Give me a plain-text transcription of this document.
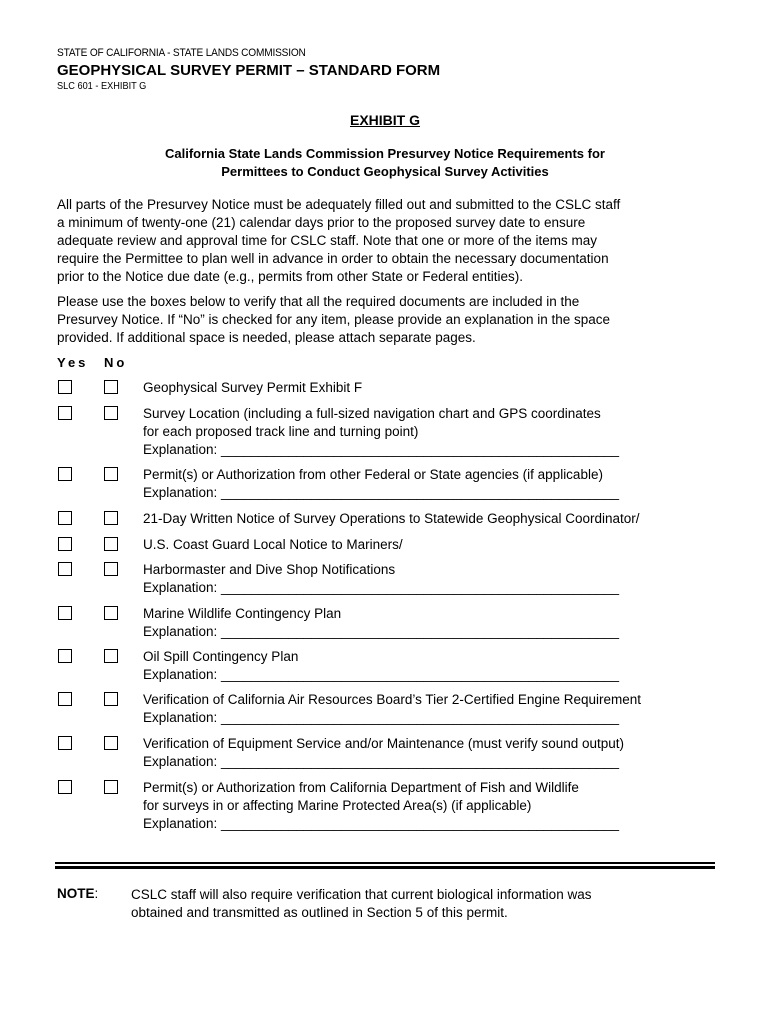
STATE OF CALIFORNIA - STATE LANDS COMMISSION
GEOPHYSICAL SURVEY PERMIT – STANDARD FORM
SLC 601 - EXHIBIT G
EXHIBIT G
California State Lands Commission Presurvey Notice Requirements for
Permittees to Conduct Geophysical Survey Activities
All parts of the Presurvey Notice must be adequately filled out and submitted to the CSLC staff
a minimum of twenty-one (21) calendar days prior to the proposed survey date to ensure
adequate review and approval time for CSLC staff. Note that one or more of the items may
require the Permittee to plan well in advance in order to obtain the necessary documentation
prior to the Notice due date (e.g., permits from other State or Federal entities).
Please use the boxes below to verify that all the required documents are included in the
Presurvey Notice. If “No” is checked for any item, please provide an explanation in the space
provided. If additional space is needed, please attach separate pages.
Yes No
Geophysical Survey Permit Exhibit F
Survey Location (including a full-sized navigation chart and GPS coordinates
for each proposed track line and turning point)
Explanation: _____________________________________________________
Permit(s) or Authorization from other Federal or State agencies (if applicable)
Explanation: _____________________________________________________
21-Day Written Notice of Survey Operations to Statewide Geophysical Coordinator/
U.S. Coast Guard Local Notice to Mariners/
Harbormaster and Dive Shop Notifications
Explanation: _____________________________________________________
Marine Wildlife Contingency Plan
Explanation: _____________________________________________________
Oil Spill Contingency Plan
Explanation: _____________________________________________________
Verification of California Air Resources Board’s Tier 2-Certified Engine Requirement
Explanation: _____________________________________________________
Verification of Equipment Service and/or Maintenance (must verify sound output)
Explanation: _____________________________________________________
Permit(s) or Authorization from California Department of Fish and Wildlife
for surveys in or affecting Marine Protected Area(s) (if applicable)
Explanation: _____________________________________________________
NOTE: CSLC staff will also require verification that current biological information was
obtained and transmitted as outlined in Section 5 of this permit.
